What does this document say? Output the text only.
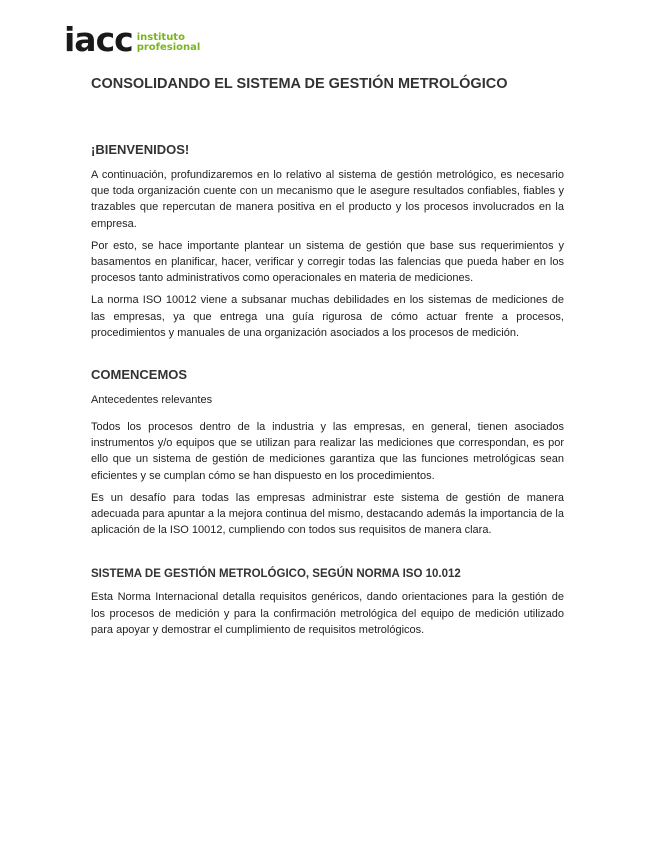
iacc instituto
profesional
CONSOLIDANDO EL SISTEMA DE GESTIÓN METROLÓGICO
¡BIENVENIDOS!

A continuación, profundizaremos en lo relativo al sistema de gestión metrológico, es necesario que toda organización cuente con un mecanismo que le asegure resultados confiables, fiables y trazables que repercutan de manera positiva en el producto y los procesos involucrados en la empresa.

Por esto, se hace importante plantear un sistema de gestión que base sus requerimientos y basamentos en planificar, hacer, verificar y corregir todas las falencias que pueda haber en los procesos tanto administrativos como operacionales en materia de mediciones.

La norma ISO 10012 viene a subsanar muchas debilidades en los sistemas de mediciones de las empresas, ya que entrega una guía rigurosa de cómo actuar frente a procesos, procedimientos y manuales de una organización asociados a los procesos de medición.

COMENCEMOS

Antecedentes relevantes

Todos los procesos dentro de la industria y las empresas, en general, tienen asociados instrumentos y/o equipos que se utilizan para realizar las mediciones que correspondan, es por ello que un sistema de gestión de mediciones garantiza que las funciones metrológicas sean eficientes y se cumplan cómo se han dispuesto en los procedimientos.

Es un desafío para todas las empresas administrar este sistema de gestión de manera adecuada para apuntar a la mejora continua del mismo, destacando además la importancia de la aplicación de la ISO 10012, cumpliendo con todos sus requisitos de manera clara.

SISTEMA DE GESTIÓN METROLÓGICO, SEGÚN NORMA ISO 10.012

Esta Norma Internacional detalla requisitos genéricos, dando orientaciones para la gestión de los procesos de medición y para la confirmación metrológica del equipo de medición utilizado para apoyar y demostrar el cumplimiento de requisitos metrológicos.
